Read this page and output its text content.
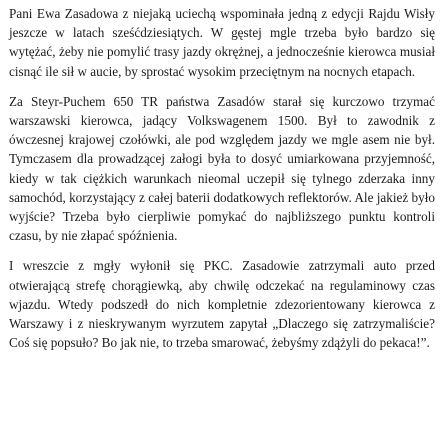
Pani Ewa Zasadowa z niejaką uciechą wspominała jedną z edycji Rajdu Wisły jeszcze w latach sześćdziesiątych. W gęstej mgle trzeba było bardzo się wytężać, żeby nie pomylić trasy jazdy okrężnej, a jednocześnie kierowca musiał cisnąć ile sił w aucie, by sprostać wysokim przeciętnym na nocnych etapach.

Za Steyr-Puchem 650 TR państwa Zasadów starał się kurczowo trzymać warszawski kierowca, jadący Volkswagenem 1500. Był to zawodnik z ówczesnej krajowej czołówki, ale pod względem jazdy we mgle asem nie był. Tymczasem dla prowadzącej załogi była to dosyć umiarkowana przyjemność, kiedy w tak ciężkich warunkach nieomal uczepił się tylnego zderzaka inny samochód, korzystający z całej baterii dodatkowych reflektorów. Ale jakież było wyjście? Trzeba było cierpliwie pomykać do najbliższego punktu kontroli czasu, by nie złapać spóźnienia.

I wreszcie z mgły wyłonił się PKC. Zasadowie zatrzymali auto przed otwierającą strefę chorągiewką, aby chwilę odczekać na regulaminowy czas wjazdu. Wtedy podszedł do nich kompletnie zdezorientowany kierowca z Warszawy i z nieskrywanym wyrzutem zapytał „Dlaczego się zatrzymaliście? Coś się popsuło? Bo jak nie, to trzeba smarować, żebyśmy zdążyli do pekaca!”.
